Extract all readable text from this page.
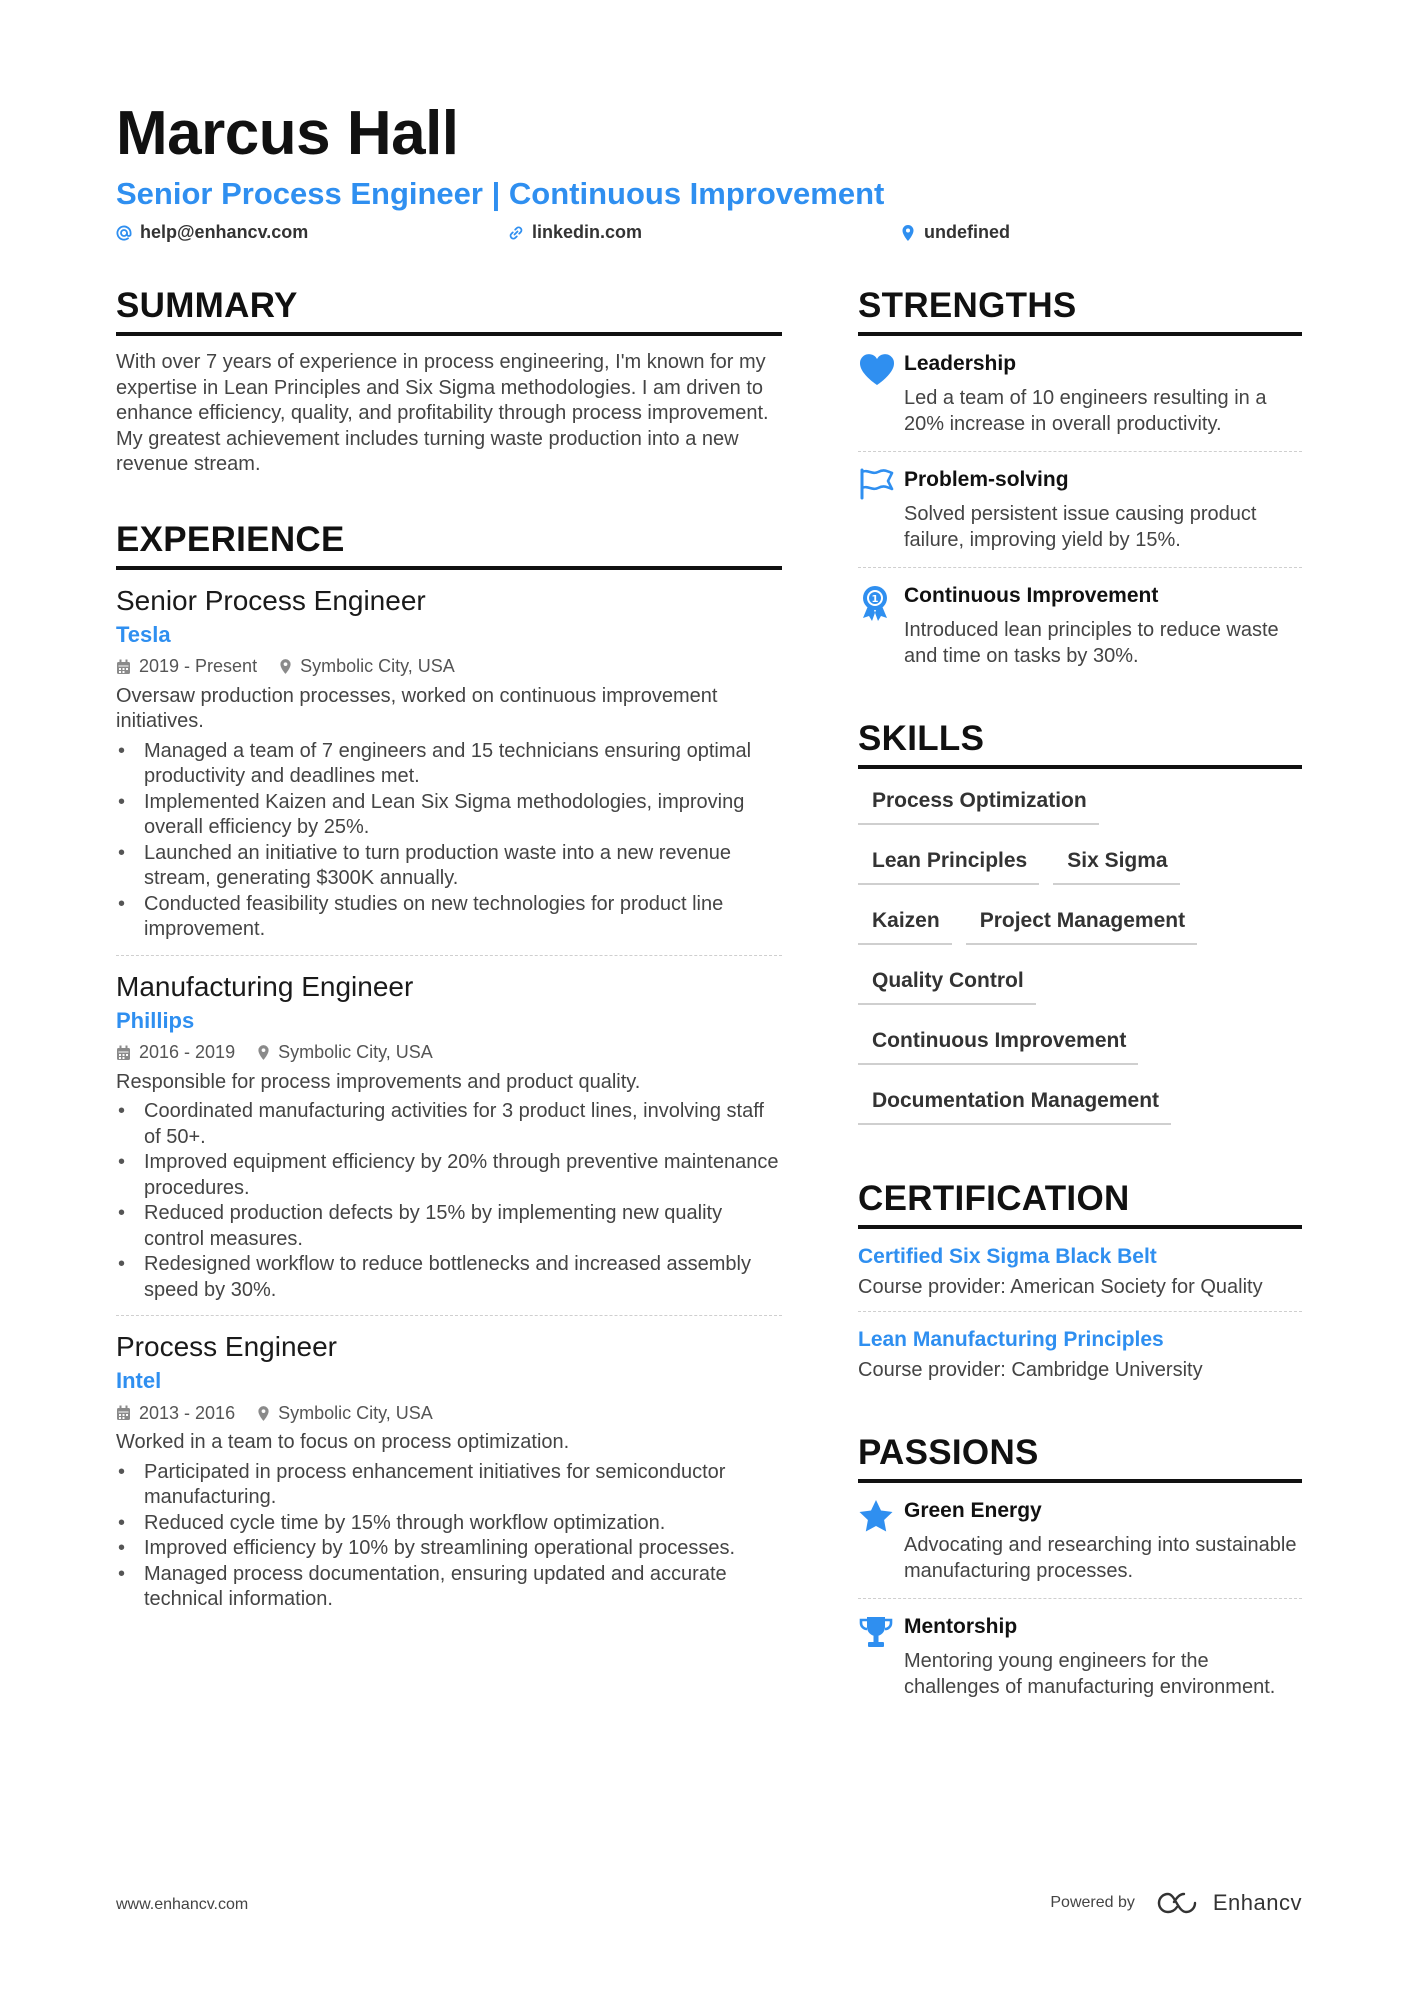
Marcus Hall
Senior Process Engineer | Continuous Improvement
help@enhancv.com	linkedin.com	undefined
SUMMARY
With over 7 years of experience in process engineering, I'm known for my expertise in Lean Principles and Six Sigma methodologies. I am driven to enhance efficiency, quality, and profitability through process improvement. My greatest achievement includes turning waste production into a new revenue stream.
EXPERIENCE
Senior Process Engineer
Tesla
2019 - Present Symbolic City, USA
Oversaw production processes, worked on continuous improvement initiatives.
• Managed a team of 7 engineers and 15 technicians ensuring optimal productivity and deadlines met.
• Implemented Kaizen and Lean Six Sigma methodologies, improving overall efficiency by 25%.
• Launched an initiative to turn production waste into a new revenue stream, generating $300K annually.
• Conducted feasibility studies on new technologies for product line improvement.
Manufacturing Engineer
Phillips
2016 - 2019 Symbolic City, USA
Responsible for process improvements and product quality.
• Coordinated manufacturing activities for 3 product lines, involving staff of 50+.
• Improved equipment efficiency by 20% through preventive maintenance procedures.
• Reduced production defects by 15% by implementing new quality control measures.
• Redesigned workflow to reduce bottlenecks and increased assembly speed by 30%.
Process Engineer
Intel
2013 - 2016 Symbolic City, USA
Worked in a team to focus on process optimization.
• Participated in process enhancement initiatives for semiconductor manufacturing.
• Reduced cycle time by 15% through workflow optimization.
• Improved efficiency by 10% by streamlining operational processes.
• Managed process documentation, ensuring updated and accurate technical information.
STRENGTHS
Leadership
Led a team of 10 engineers resulting in a 20% increase in overall productivity.
Problem-solving
Solved persistent issue causing product failure, improving yield by 15%.
1 Continuous Improvement
Introduced lean principles to reduce waste and time on tasks by 30%.
SKILLS
Process Optimization
Lean Principles	Six Sigma
Kaizen	Project Management
Quality Control
Continuous Improvement
Documentation Management
CERTIFICATION
Certified Six Sigma Black Belt
Course provider: American Society for Quality
Lean Manufacturing Principles
Course provider: Cambridge University
PASSIONS
Green Energy
Advocating and researching into sustainable manufacturing processes.
Mentorship
Mentoring young engineers for the challenges of manufacturing environment.
www.enhancv.com	Powered by	Enhancv
